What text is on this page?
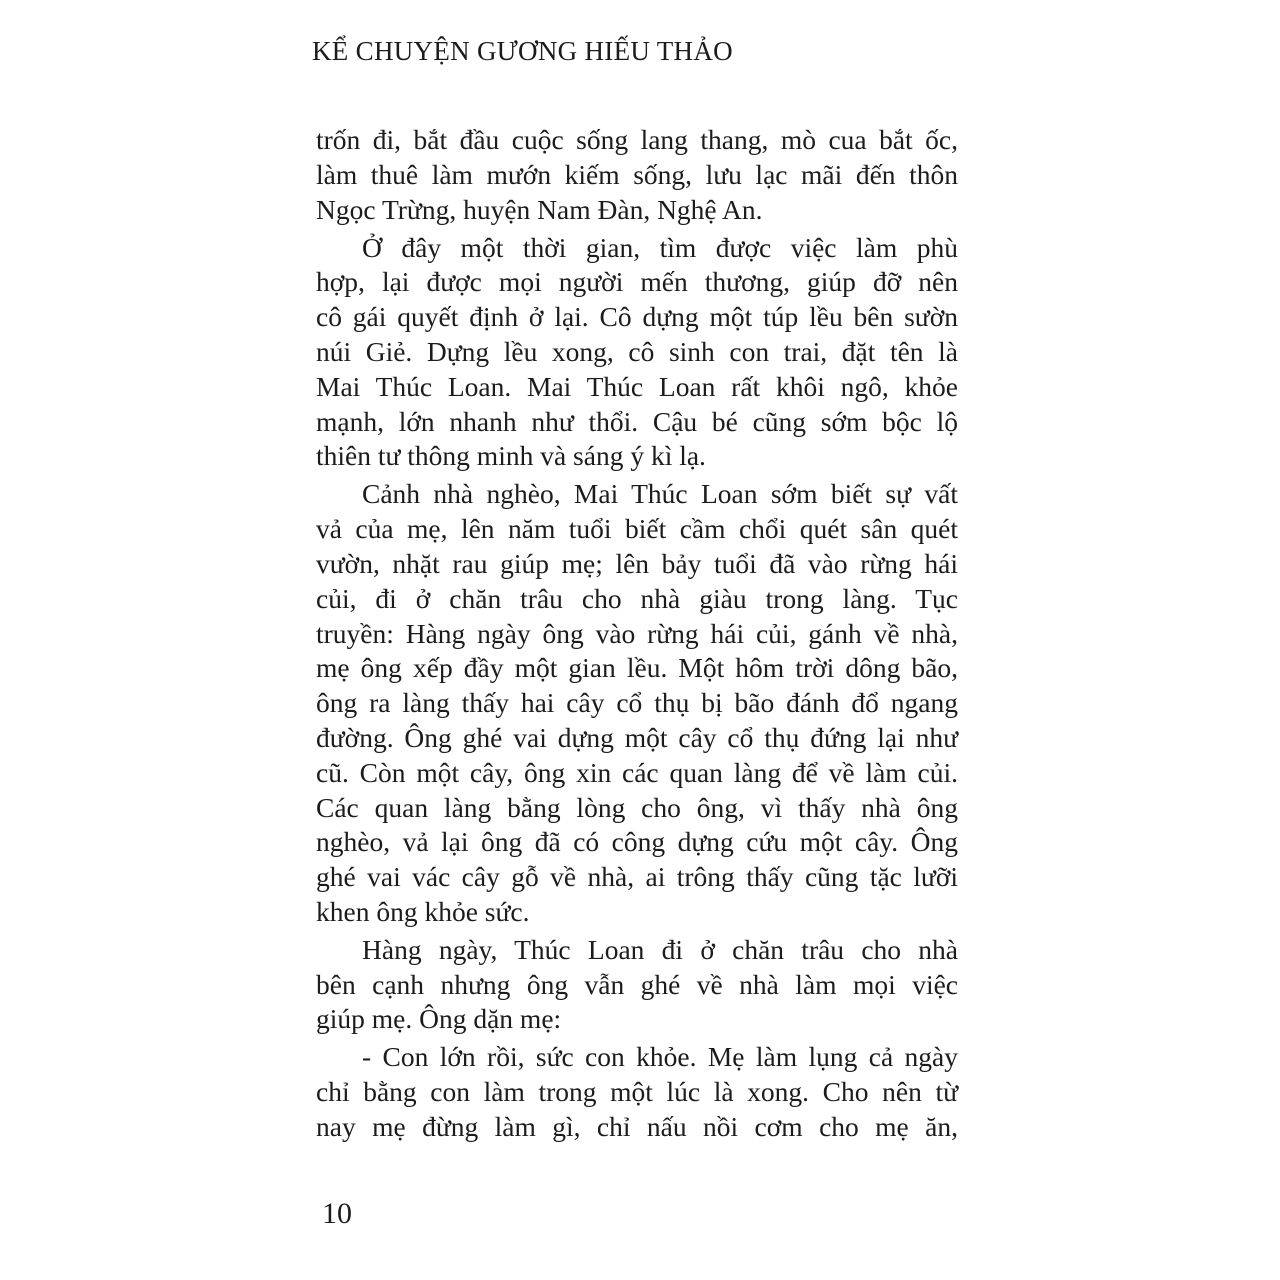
KỂ CHUYỆN GƯƠNG HIẾU THẢO
trốn đi, bắt đầu cuộc sống lang thang, mò cua bắt ốc,
làm thuê làm mướn kiếm sống, lưu lạc mãi đến thôn
Ngọc Trừng, huyện Nam Đàn, Nghệ An.
Ở đây một thời gian, tìm được việc làm phù
hợp, lại được mọi người mến thương, giúp đỡ nên
cô gái quyết định ở lại. Cô dựng một túp lều bên sườn
núi Giẻ. Dựng lều xong, cô sinh con trai, đặt tên là
Mai Thúc Loan. Mai Thúc Loan rất khôi ngô, khỏe
mạnh, lớn nhanh như thổi. Cậu bé cũng sớm bộc lộ
thiên tư thông minh và sáng ý kì lạ.
Cảnh nhà nghèo, Mai Thúc Loan sớm biết sự vất
vả của mẹ, lên năm tuổi biết cầm chổi quét sân quét
vườn, nhặt rau giúp mẹ; lên bảy tuổi đã vào rừng hái
củi, đi ở chăn trâu cho nhà giàu trong làng. Tục
truyền: Hàng ngày ông vào rừng hái củi, gánh về nhà,
mẹ ông xếp đầy một gian lều. Một hôm trời dông bão,
ông ra làng thấy hai cây cổ thụ bị bão đánh đổ ngang
đường. Ông ghé vai dựng một cây cổ thụ đứng lại như
cũ. Còn một cây, ông xin các quan làng để về làm củi.
Các quan làng bằng lòng cho ông, vì thấy nhà ông
nghèo, vả lại ông đã có công dựng cứu một cây. Ông
ghé vai vác cây gỗ về nhà, ai trông thấy cũng tặc lưỡi
khen ông khỏe sức.
Hàng ngày, Thúc Loan đi ở chăn trâu cho nhà
bên cạnh nhưng ông vẫn ghé về nhà làm mọi việc
giúp mẹ. Ông dặn mẹ:
- Con lớn rồi, sức con khỏe. Mẹ làm lụng cả ngày
chỉ bằng con làm trong một lúc là xong. Cho nên từ
nay mẹ đừng làm gì, chỉ nấu nồi cơm cho mẹ ăn,
10
